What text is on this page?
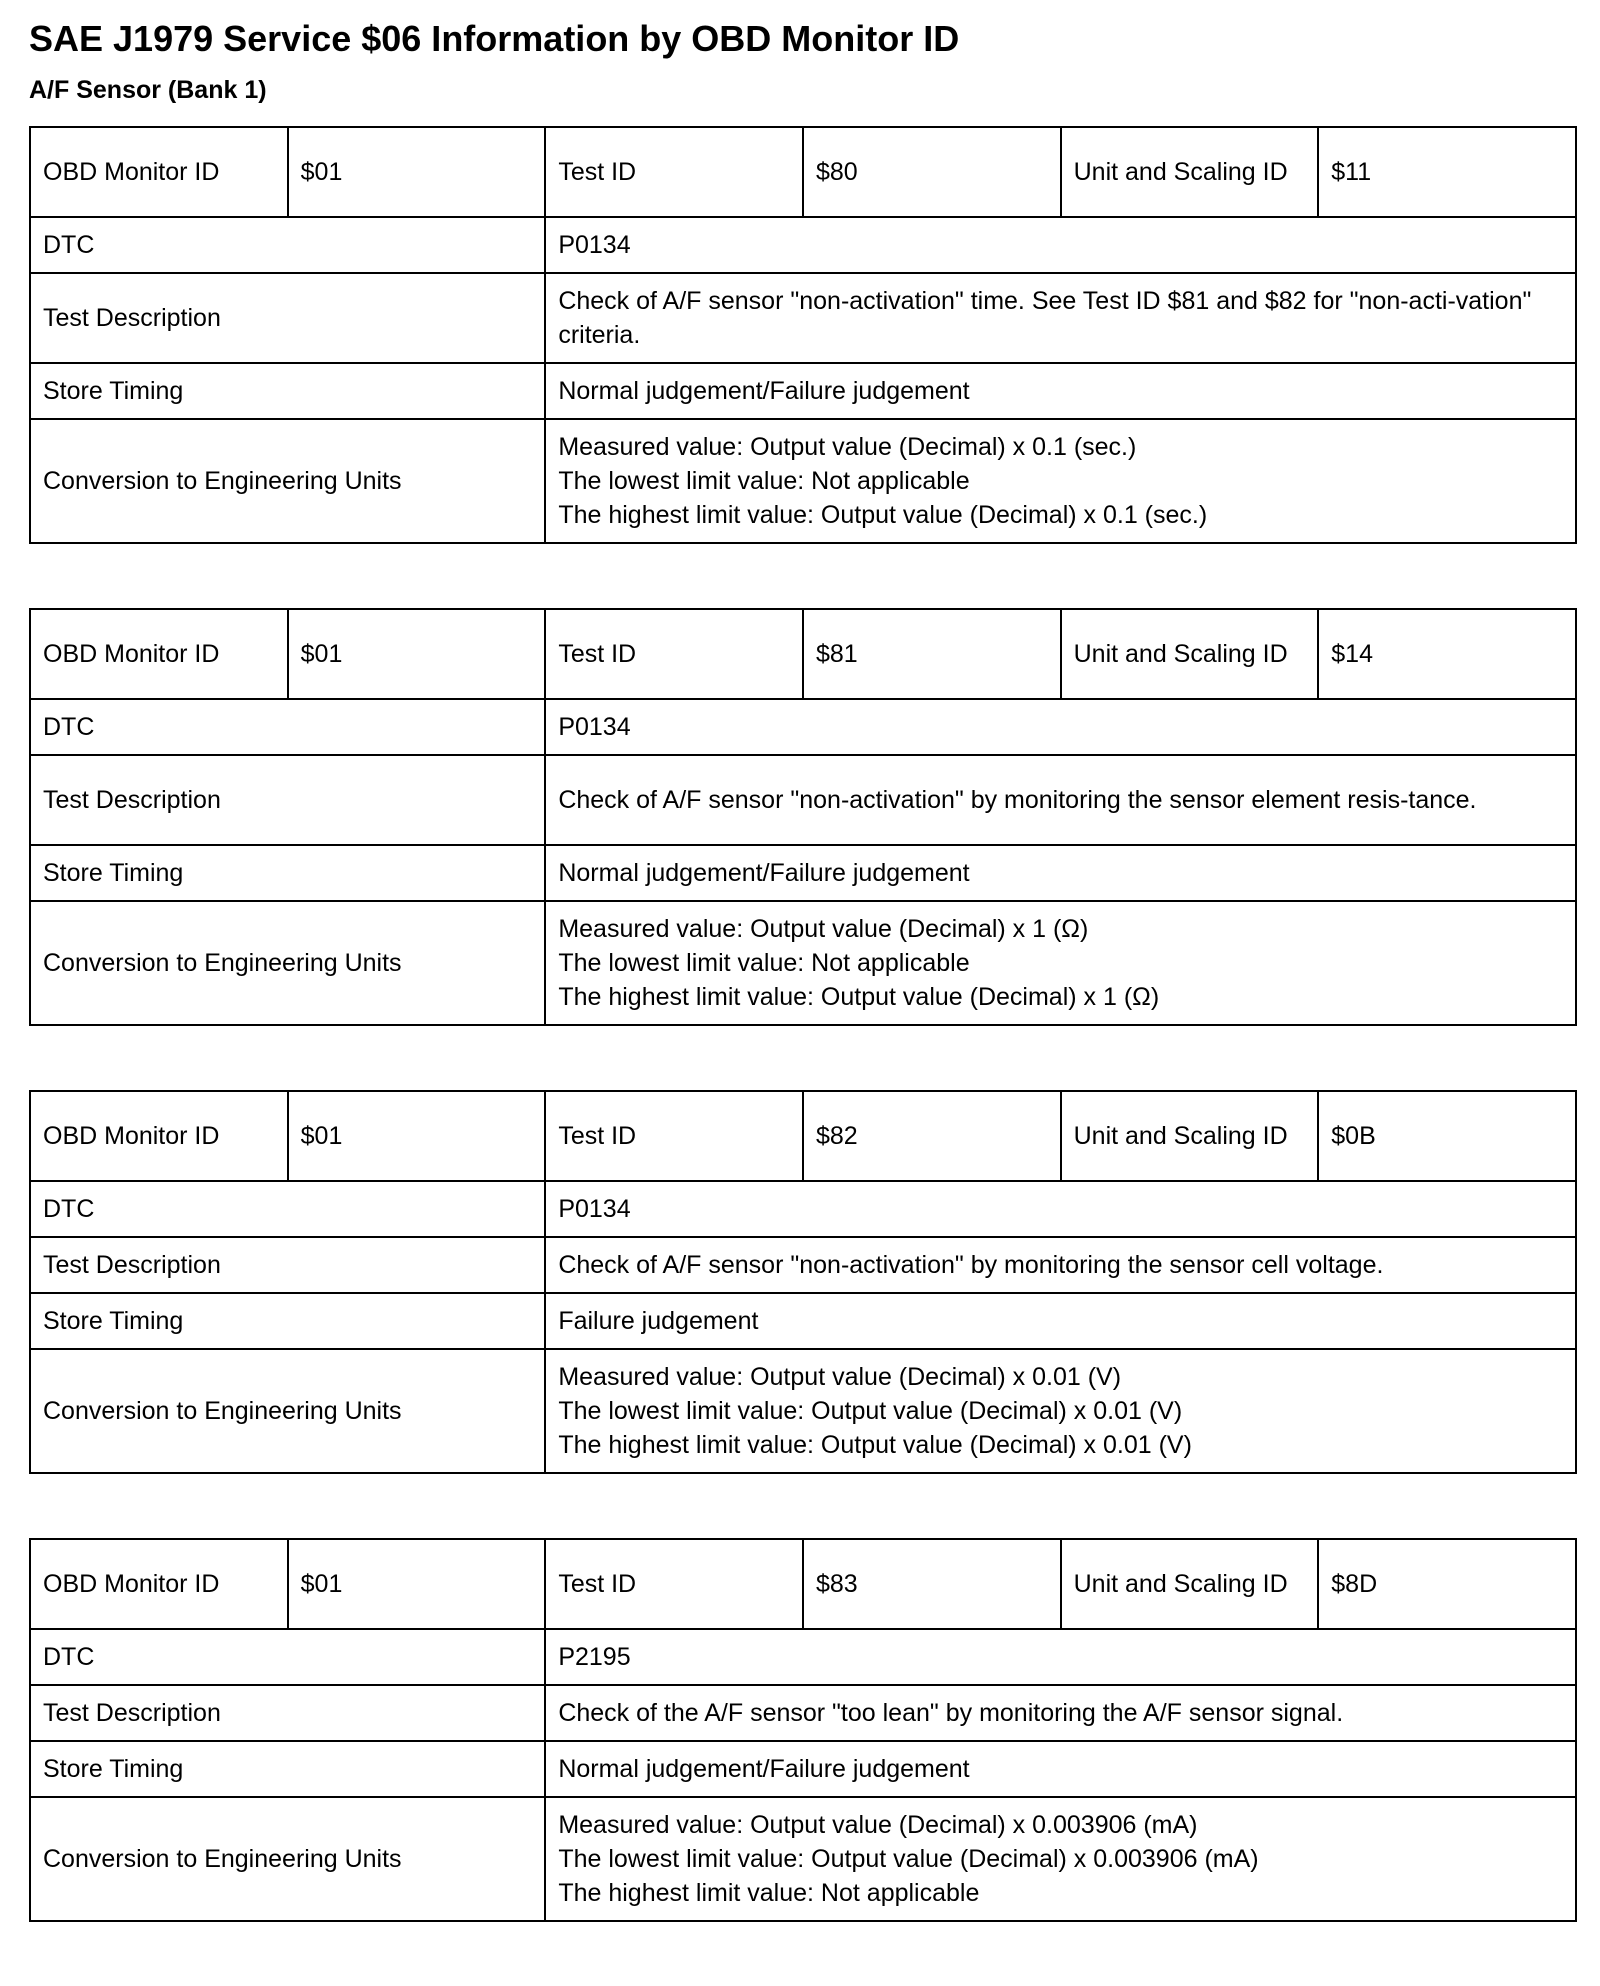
SAE J1979 Service $06 Information by OBD Monitor ID
A/F Sensor (Bank 1)
OBD Monitor ID	$01	Test ID	$80	Unit and Scaling ID	$11
DTC		P0134			
Test Description		Check of A/F sensor "non-activation" time. See Test ID $81 and $82 for "non-acti-vation" criteria.			
Store Timing		Normal judgement/Failure judgement			
Conversion to Engineering Units		Measured value: Output value (Decimal) x 0.1 (sec.)
The lowest limit value: Not applicable
The highest limit value: Output value (Decimal) x 0.1 (sec.)			
OBD Monitor ID	$01	Test ID	$81	Unit and Scaling ID	$14
DTC		P0134			
Test Description		Check of A/F sensor "non-activation" by monitoring the sensor element resis-tance.			
Store Timing		Normal judgement/Failure judgement			
Conversion to Engineering Units		Measured value: Output value (Decimal) x 1 (Ω)
The lowest limit value: Not applicable
The highest limit value: Output value (Decimal) x 1 (Ω)			
OBD Monitor ID	$01	Test ID	$82	Unit and Scaling ID	$0B
DTC		P0134			
Test Description		Check of A/F sensor "non-activation" by monitoring the sensor cell voltage.			
Store Timing		Failure judgement			
Conversion to Engineering Units		Measured value: Output value (Decimal) x 0.01 (V)
The lowest limit value: Output value (Decimal) x 0.01 (V)
The highest limit value: Output value (Decimal) x 0.01 (V)			
OBD Monitor ID	$01	Test ID	$83	Unit and Scaling ID	$8D
DTC		P2195			
Test Description		Check of the A/F sensor "too lean" by monitoring the A/F sensor signal.			
Store Timing		Normal judgement/Failure judgement			
Conversion to Engineering Units		Measured value: Output value (Decimal) x 0.003906 (mA)
The lowest limit value: Output value (Decimal) x 0.003906 (mA)
The highest limit value: Not applicable			
